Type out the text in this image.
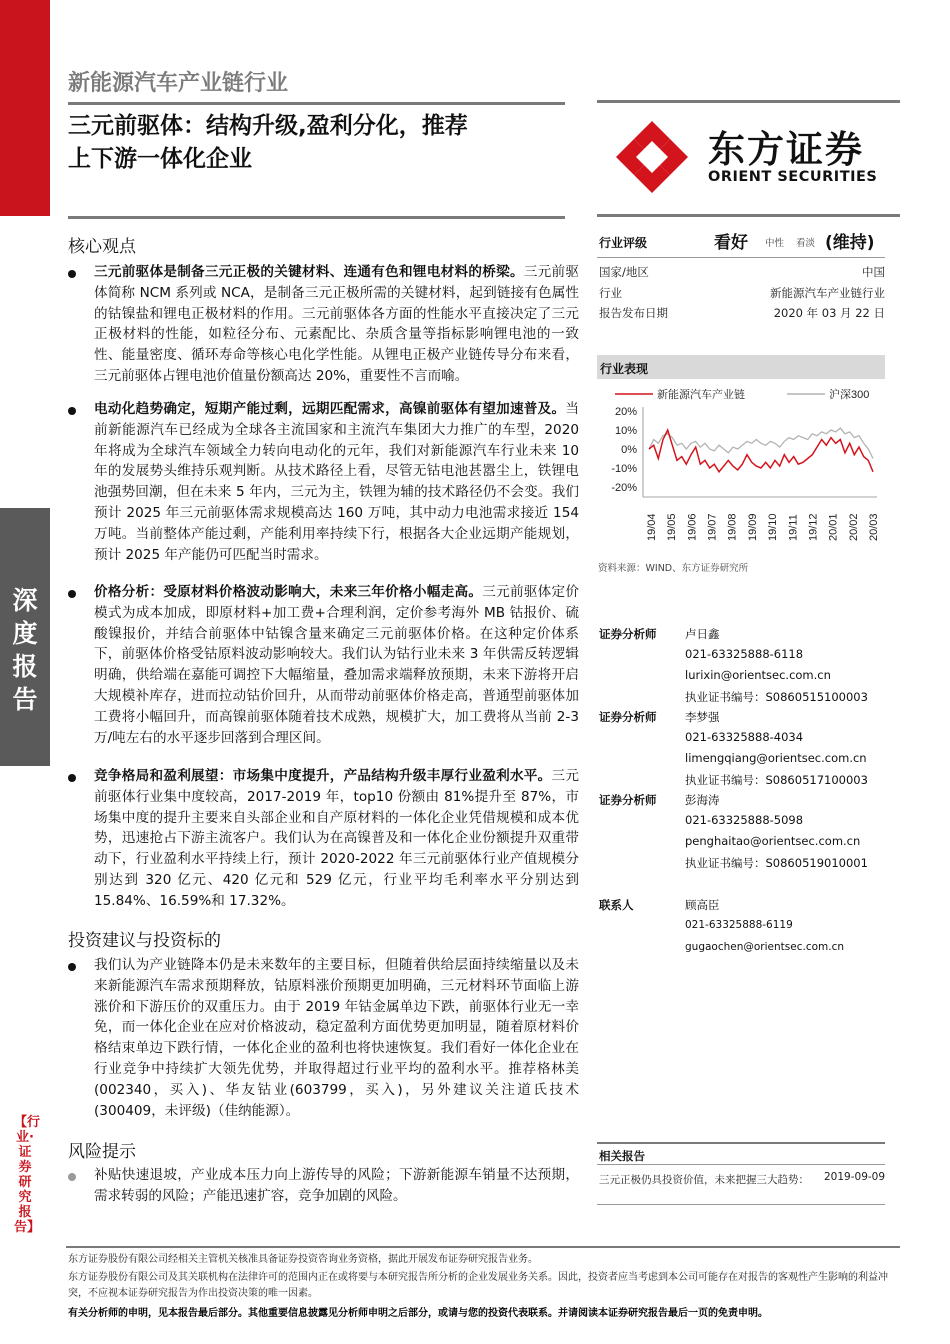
深度报告
【行业·证券研究报告】
新能源汽车产业链行业
三元前驱体：结构升级,盈利分化，推荐
上下游一体化企业
核心观点
三元前驱体是制备三元正极的关键材料、连通有色和锂电材料的桥梁。三元前驱体简称 NCM 系列或 NCA，是制备三元正极所需的关键材料，起到链接有色属性的钴镍盐和锂电正极材料的作用。三元前驱体各方面的性能水平直接决定了三元正极材料的性能，如粒径分布、元素配比、杂质含量等指标影响锂电池的一致性、能量密度、循环寿命等核心电化学性能。从锂电正极产业链传导分布来看，三元前驱体占锂电池价值量份额高达 20%，重要性不言而喻。
电动化趋势确定，短期产能过剩，远期匹配需求，高镍前驱体有望加速普及。当前新能源汽车已经成为全球各主流国家和主流汽车集团大力推广的车型，2020 年将成为全球汽车领域全力转向电动化的元年，我们对新能源汽车行业未来 10 年的发展势头维持乐观判断。从技术路径上看，尽管无钴电池甚嚣尘上，铁锂电池强势回潮，但在未来 5 年内，三元为主，铁锂为辅的技术路径仍不会变。我们预计 2025 年三元前驱体需求规模高达 160 万吨，其中动力电池需求接近 154 万吨。当前整体产能过剩，产能利用率持续下行，根据各大企业远期产能规划，预计 2025 年产能仍可匹配当时需求。
价格分析：受原材料价格波动影响大，未来三年价格小幅走高。三元前驱体定价模式为成本加成，即原材料+加工费+合理利润，定价参考海外 MB 钴报价、硫酸镍报价，并结合前驱体中钴镍含量来确定三元前驱体价格。在这种定价体系下，前驱体价格受钴原料波动影响较大。我们认为钴行业未来 3 年供需反转逻辑明确，供给端在嘉能可调控下大幅缩量，叠加需求端释放预期，未来下游将开启大规模补库存，进而拉动钴价回升，从而带动前驱体价格走高，普通型前驱体加工费将小幅回升，而高镍前驱体随着技术成熟，规模扩大，加工费将从当前 2-3 万/吨左右的水平逐步回落到合理区间。
竞争格局和盈利展望：市场集中度提升，产品结构升级丰厚行业盈利水平。三元前驱体行业集中度较高，2017-2019 年，top10 份额由 81%提升至 87%，市场集中度的提升主要来自头部企业和自产原材料的一体化企业凭借规模和成本优势，迅速抢占下游主流客户。我们认为在高镍普及和一体化企业份额提升双重带动下，行业盈利水平持续上行，预计 2020-2022 年三元前驱体行业产值规模分别达到 320 亿元、420 亿元和 529 亿元，行业平均毛利率水平分别达到 15.84%、16.59%和 17.32%。
投资建议与投资标的
我们认为产业链降本仍是未来数年的主要目标，但随着供给层面持续缩量以及未来新能源汽车需求预期释放，钴原料涨价预期更加明确，三元材料环节面临上游涨价和下游压价的双重压力。由于 2019 年钴金属单边下跌，前驱体行业无一幸免，而一体化企业在应对价格波动，稳定盈利方面优势更加明显，随着原材料价格结束单边下跌行情，一体化企业的盈利也将快速恢复。我们看好一体化企业在行业竞争中持续扩大领先优势，并取得超过行业平均的盈利水平。推荐格林美(002340，买入)、华友钴业(603799，买入)，另外建议关注道氏技术(300409，未评级)（佳纳能源）。
风险提示
补贴快速退坡，产业成本压力向上游传导的风险；下游新能源车销量不达预期，需求转弱的风险；产能迅速扩容，竞争加剧的风险。
东方证券
ORIENT SECURITIES
行业评级	看好 中性 看淡 (维持)
国家/地区	中国
行业	新能源汽车产业链行业
报告发布日期	2020 年 03 月 22 日
行业表现
新能源汽车产业链	沪深300
20%
10%
0%
-10%
-20%
19/04 19/05 19/06 19/07 19/08 19/09 19/10 19/11 19/12 20/01 20/02 20/03
资料来源：WIND、东方证券研究所
证券分析师 卢日鑫
021-63325888-6118
lurixin@orientsec.com.cn
执业证书编号：S0860515100003
证券分析师 李梦强
021-63325888-4034
limengqiang@orientsec.com.cn
执业证书编号：S0860517100003
证券分析师 彭海涛
021-63325888-5098
penghaitao@orientsec.com.cn
执业证书编号：S0860519010001
联系人	顾高臣
021-63325888-6119
gugaochen@orientsec.com.cn
相关报告
三元正极仍具投资价值，未来把握三大趋势： 2019-09-09
东方证券股份有限公司经相关主管机关核准具备证券投资咨询业务资格，据此开展发布证券研究报告业务。
东方证券股份有限公司及其关联机构在法律许可的范围内正在或将要与本研究报告所分析的企业发展业务关系。因此，投资者应当考虑到本公司可能存在对报告的客观性产生影响的利益冲突，不应视本证券研究报告为作出投资决策的唯一因素。
有关分析师的申明，见本报告最后部分。其他重要信息披露见分析师申明之后部分，或请与您的投资代表联系。并请阅读本证券研究报告最后一页的免责申明。
